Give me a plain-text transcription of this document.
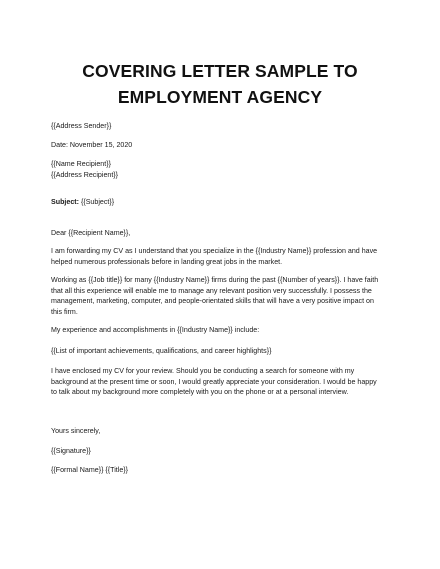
COVERING LETTER SAMPLE TO
EMPLOYMENT AGENCY

{{Address Sender}}

Date: November 15, 2020

{{Name Recipient}}
{{Address Recipient}}

Subject: {{Subject}}

Dear {{Recipient Name}},

I am forwarding my CV as I understand that you specialize in the {{Industry Name}} profession and have
helped numerous professionals before in landing great jobs in the market.
Working as {{Job title}} for many {{Industry Name}} firms during the past {{Number of years}}. I have faith
that all this experience will enable me to manage any relevant position very successfully. I possess the
management, marketing, computer, and people-orientated skills that will have a very positive impact on
this firm.

My experience and accomplishments in {{Industry Name}} include:

{{List of important achievements, qualifications, and career highlights}}

I have enclosed my CV for your review. Should you be conducting a search for someone with my
background at the present time or soon, I would greatly appreciate your consideration. I would be happy
to talk about my background more completely with you on the phone or at a personal interview.

Yours sincerely,

{{Signature}}

{{Formal Name}} {{Title}}
